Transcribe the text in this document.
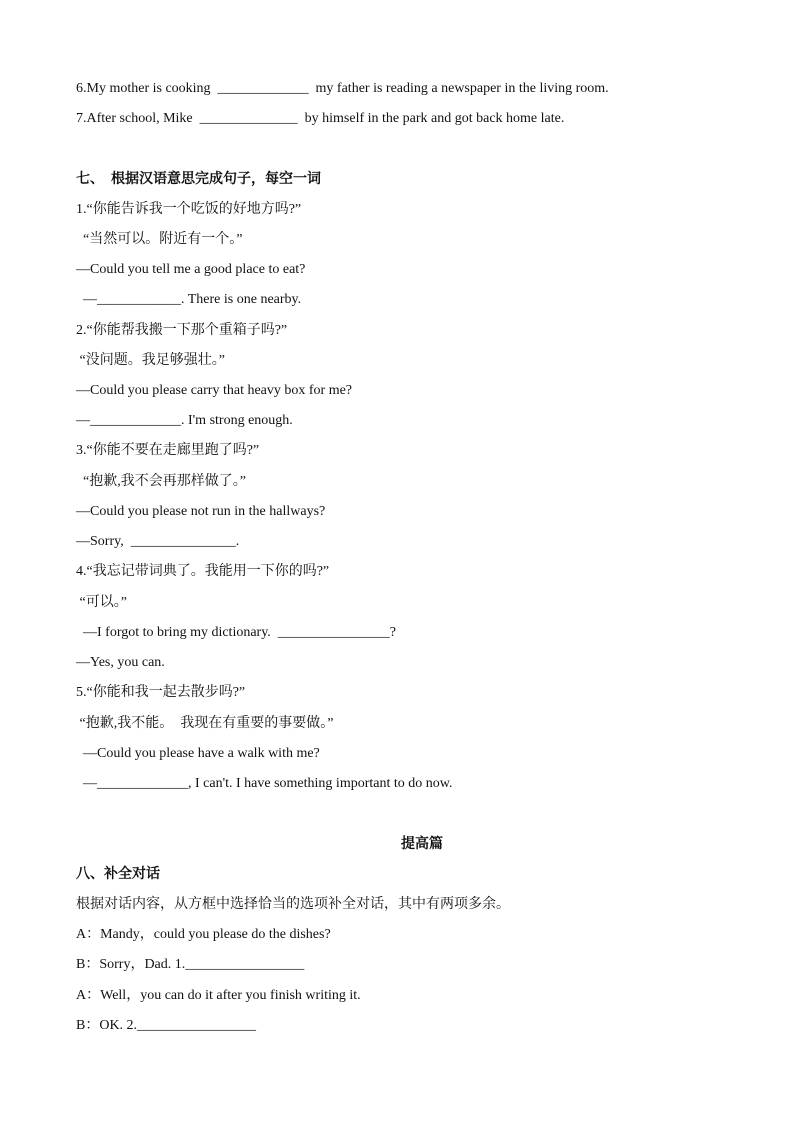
6.My mother is cooking  _____________  my father is reading a newspaper in the living room.
7.After school, Mike  ______________  by himself in the park and got back home late.
七、  根据汉语意思完成句子，每空一词
1.“你能告诉我一个吃饭的好地方吗?”
“当然可以。附近有一个。”
—Could you tell me a good place to eat?
—____________. There is one nearby.
2.“你能帮我搬一下那个重箱子吗?”
“没问题。我足够强壮。”
—Could you please carry that heavy box for me?
—_____________. I'm strong enough.
3.“你能不要在走廊里跑了吗?”
“抱歉,我不会再那样做了。”
—Could you please not run in the hallways?
—Sorry,  _______________.
4.“我忘记带词典了。我能用一下你的吗?”
“可以。”
—I forgot to bring my dictionary.  ________________?
—Yes, you can.
5.“你能和我一起去散步吗?”
“抱歉,我不能。  我现在有重要的事要做。”
—Could you please have a walk with me?
—_____________, I can't. I have something important to do now.
提高篇
八、补全对话
根据对话内容，从方框中选择恰当的选项补全对话，其中有两项多余。
A：Mandy，could you please do the dishes?
B：Sorry，Dad. 1._________________
A：Well，you can do it after you finish writing it.
B：OK. 2._________________
